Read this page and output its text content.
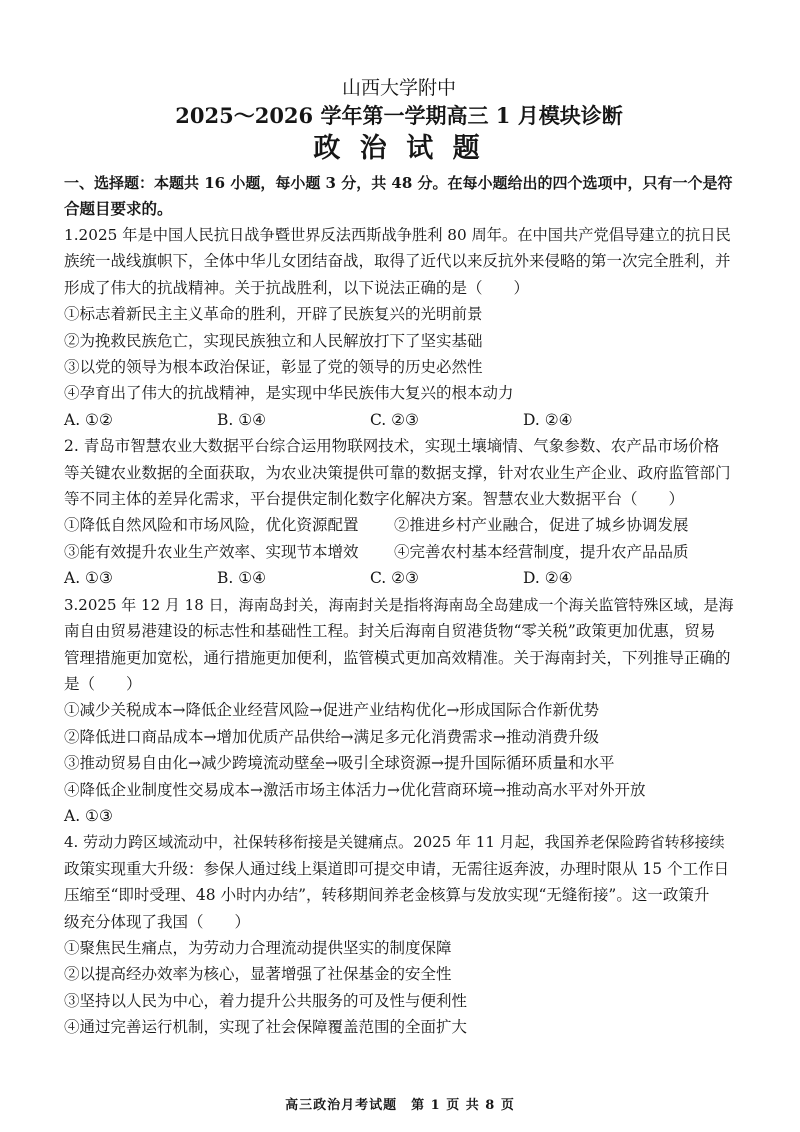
山西大学附中
2025～2026 学年第一学期高三 1 月模块诊断
政 治 试 题
一、选择题：本题共 16 小题，每小题 3 分，共 48 分。在每小题给出的四个选项中，只有一个是符
合题目要求的。
1.2025 年是中国人民抗日战争暨世界反法西斯战争胜利 80 周年。在中国共产党倡导建立的抗日民
族统一战线旗帜下，全体中华儿女团结奋战，取得了近代以来反抗外来侵略的第一次完全胜利，并
形成了伟大的抗战精神。关于抗战胜利，以下说法正确的是（　　）
①标志着新民主主义革命的胜利，开辟了民族复兴的光明前景
②为挽救民族危亡，实现民族独立和人民解放打下了坚实基础
③以党的领导为根本政治保证，彰显了党的领导的历史必然性
④孕育出了伟大的抗战精神，是实现中华民族伟大复兴的根本动力
A. ①②	B. ①④	C. ②③	D. ②④
2. 青岛市智慧农业大数据平台综合运用物联网技术，实现土壤墒情、气象参数、农产品市场价格
等关键农业数据的全面获取，为农业决策提供可靠的数据支撑，针对农业生产企业、政府监管部门
等不同主体的差异化需求，平台提供定制化数字化解决方案。智慧农业大数据平台（　　）
①降低自然风险和市场风险，优化资源配置	②推进乡村产业融合，促进了城乡协调发展
③能有效提升农业生产效率、实现节本增效	④完善农村基本经营制度，提升农产品品质
A. ①③	B. ①④	C. ②③	D. ②④
3.2025 年 12 月 18 日，海南岛封关，海南封关是指将海南岛全岛建成一个海关监管特殊区域，是海
南自由贸易港建设的标志性和基础性工程。封关后海南自贸港货物“零关税”政策更加优惠，贸易
管理措施更加宽松，通行措施更加便利，监管模式更加高效精准。关于海南封关，下列推导正确的
是（　　）
①减少关税成本→降低企业经营风险→促进产业结构优化→形成国际合作新优势
②降低进口商品成本→增加优质产品供给→满足多元化消费需求→推动消费升级
③推动贸易自由化→减少跨境流动壁垒→吸引全球资源→提升国际循环质量和水平
④降低企业制度性交易成本→激活市场主体活力→优化营商环境→推动高水平对外开放
A. ①③
4. 劳动力跨区域流动中，社保转移衔接是关键痛点。2025 年 11 月起，我国养老保险跨省转移接续
政策实现重大升级：参保人通过线上渠道即可提交申请，无需往返奔波，办理时限从 15 个工作日
压缩至“即时受理、48 小时内办结”，转移期间养老金核算与发放实现“无缝衔接”。这一政策升
级充分体现了我国（　　）
①聚焦民生痛点，为劳动力合理流动提供坚实的制度保障
②以提高经办效率为核心，显著增强了社保基金的安全性
③坚持以人民为中心，着力提升公共服务的可及性与便利性
④通过完善运行机制，实现了社会保障覆盖范围的全面扩大
高三政治月考试题　第 1 页 共 8 页
